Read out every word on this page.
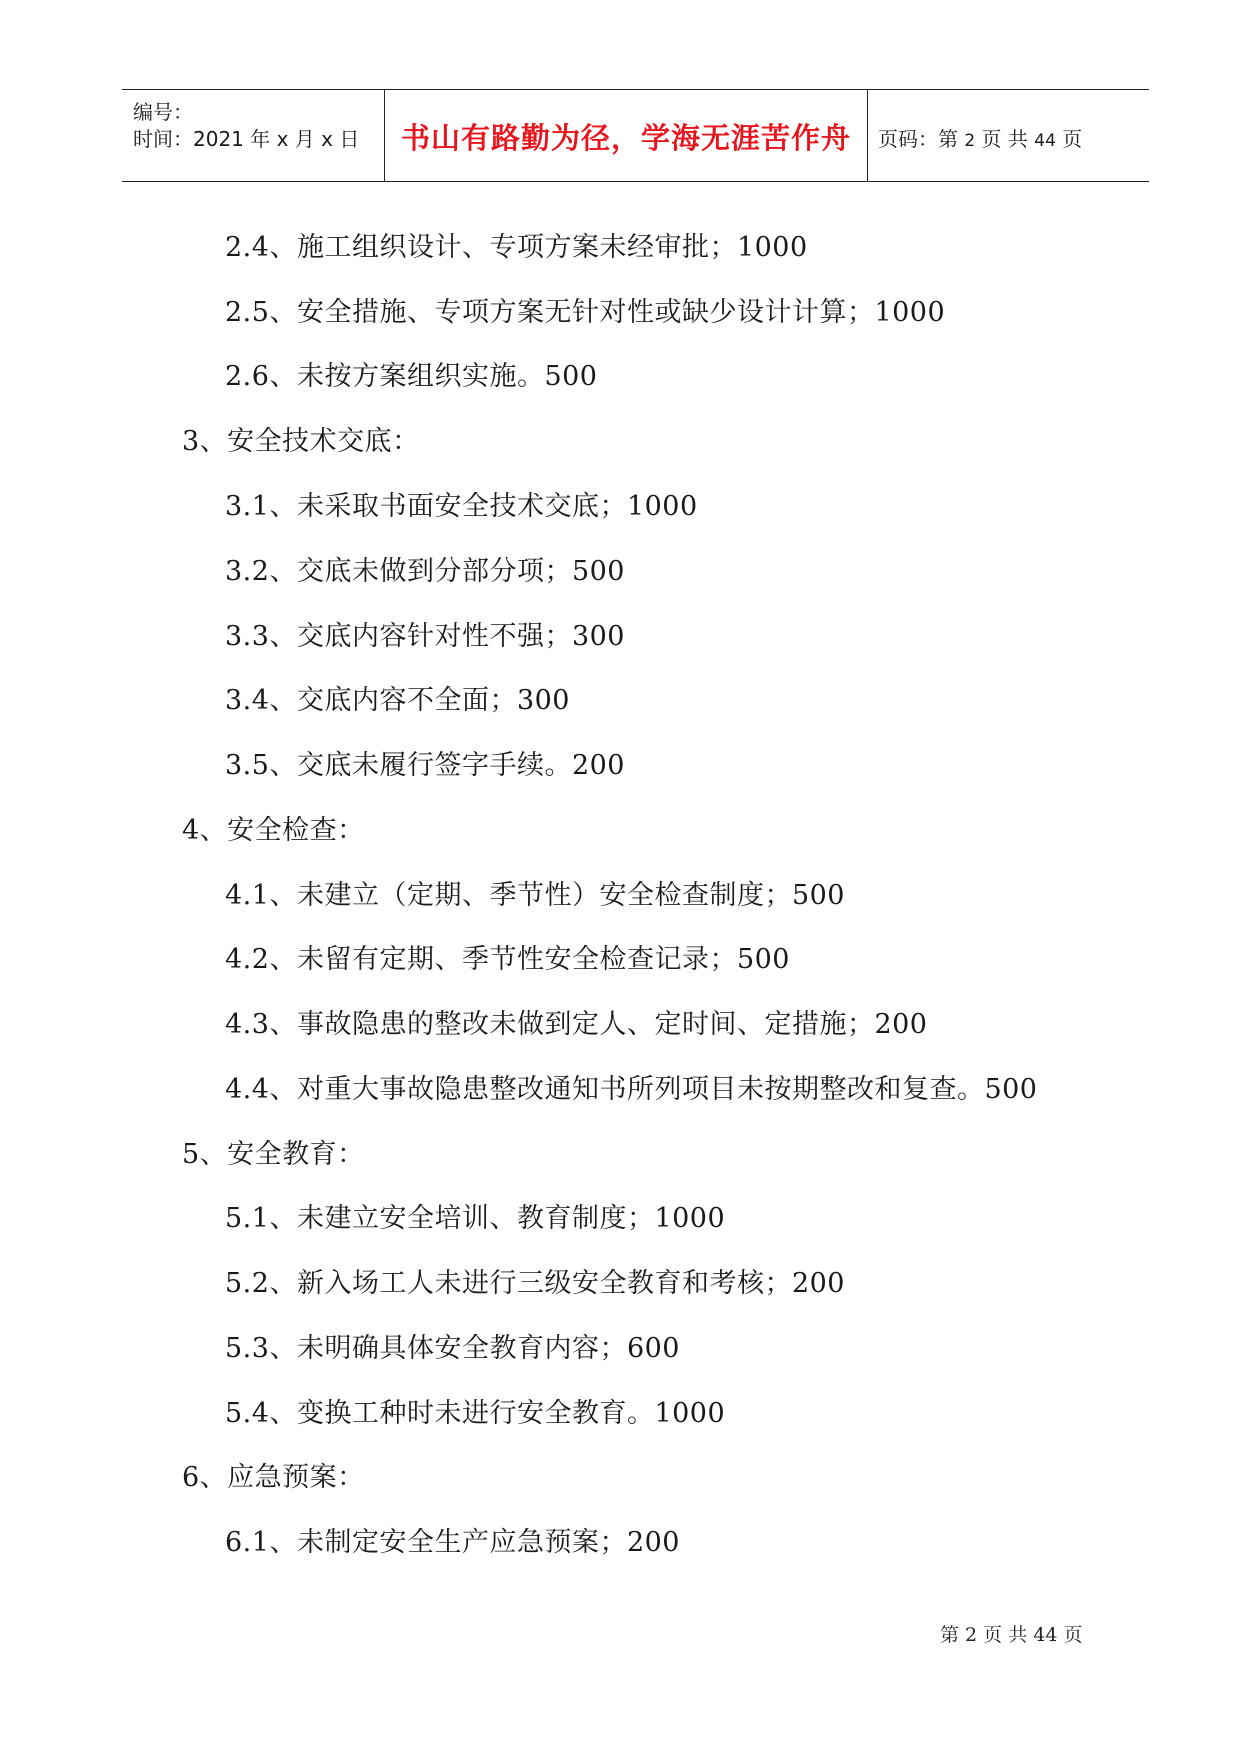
编号：
时间：2021 年 x 月 x 日	书山有路勤为径，学海无涯苦作舟	页码：第 2 页 共 44 页
2.4、施工组织设计、专项方案未经审批；1000
2.5、安全措施、专项方案无针对性或缺少设计计算；1000
2.6、未按方案组织实施。500
3、安全技术交底：
3.1、未采取书面安全技术交底；1000
3.2、交底未做到分部分项；500
3.3、交底内容针对性不强；300
3.4、交底内容不全面；300
3.5、交底未履行签字手续。200
4、安全检查：
4.1、未建立（定期、季节性）安全检查制度；500
4.2、未留有定期、季节性安全检查记录；500
4.3、事故隐患的整改未做到定人、定时间、定措施；200
4.4、对重大事故隐患整改通知书所列项目未按期整改和复查。500
5、安全教育：
5.1、未建立安全培训、教育制度；1000
5.2、新入场工人未进行三级安全教育和考核；200
5.3、未明确具体安全教育内容；600
5.4、变换工种时未进行安全教育。1000
6、应急预案：
6.1、未制定安全生产应急预案；200
第 2 页 共 44 页
